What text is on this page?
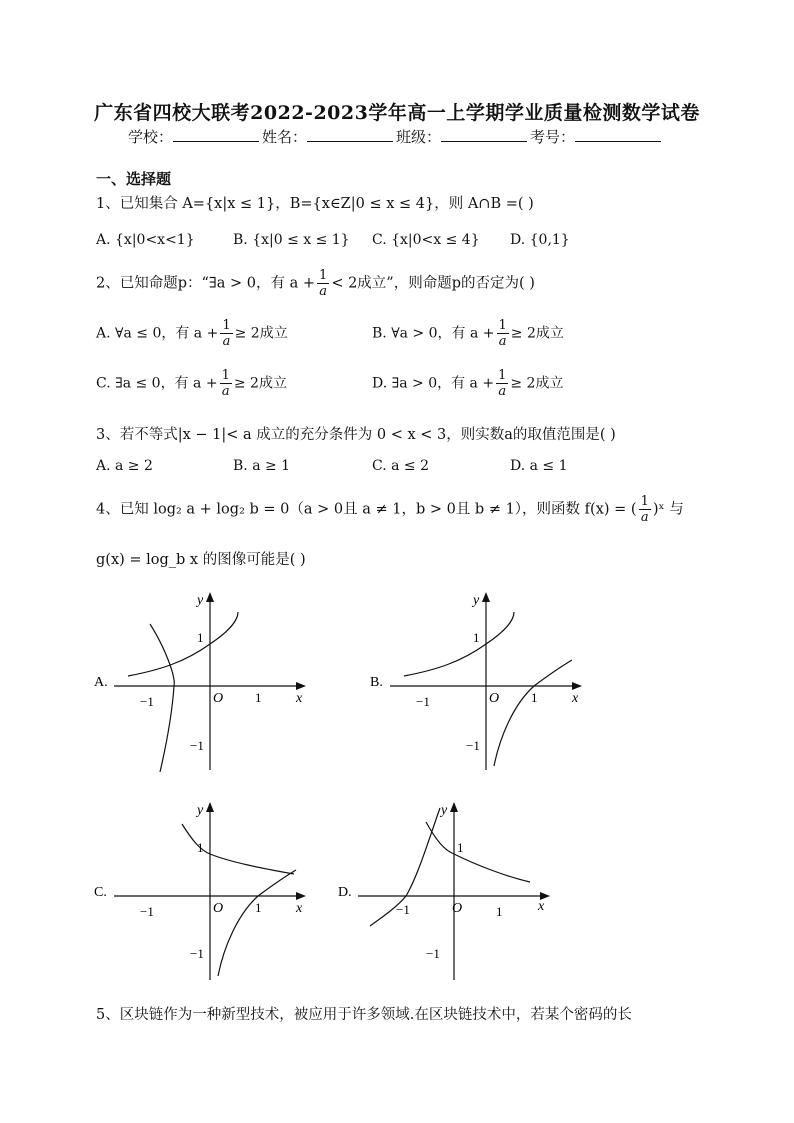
广东省四校大联考2022-2023学年高一上学期学业质量检测数学试卷
学校：	姓名：	班级：	考号：
一、选择题
1、已知集合 A={x|x ≤ 1}，B={x∈Z|0 ≤ x ≤ 4}，则 A∩B =( )
A. {x|0<x<1}	B. {x|0 ≤ x ≤ 1} C. {x|0<x ≤ 4} D. {0,1}
2、已知命题p：“∃a > 0，有 $a + \frac{1}{a} < 2$成立”，则命题p的否定为( )
A. ∀a ≤ 0，有 $a + \frac{1}{a} \ge 2$成立	B. ∀a > 0，有 $a + \frac{1}{a} \ge 2$成立
C. ∃a ≤ 0，有 $a + \frac{1}{a} \ge 2$成立	D. ∃a > 0，有 $a + \frac{1}{a} \ge 2$成立
3、若不等式|x − 1|< a 成立的充分条件为 0 < x < 3，则实数a的取值范围是( )
A. a ≥ 2	B. a ≥ 1	C. a ≤ 2	D. a ≤ 1
4、已知 log₂ a + log₂ b = 0（a > 0且 a ≠ 1，b > 0且 b ≠ 1），则函数 f(x) = ( $\frac{1}{a}$ )ˣ 与
g(x) = log_b x 的图像可能是( )
A.
x
y
O 1
−1
1
−1
B.
x
y
O 1
−1
1
−1
C.
x
y
O 1
−1
1
−1
D.
x
y
O	1
−1
1
−1
5、区块链作为一种新型技术，被应用于许多领域.在区块链技术中，若某个密码的长
